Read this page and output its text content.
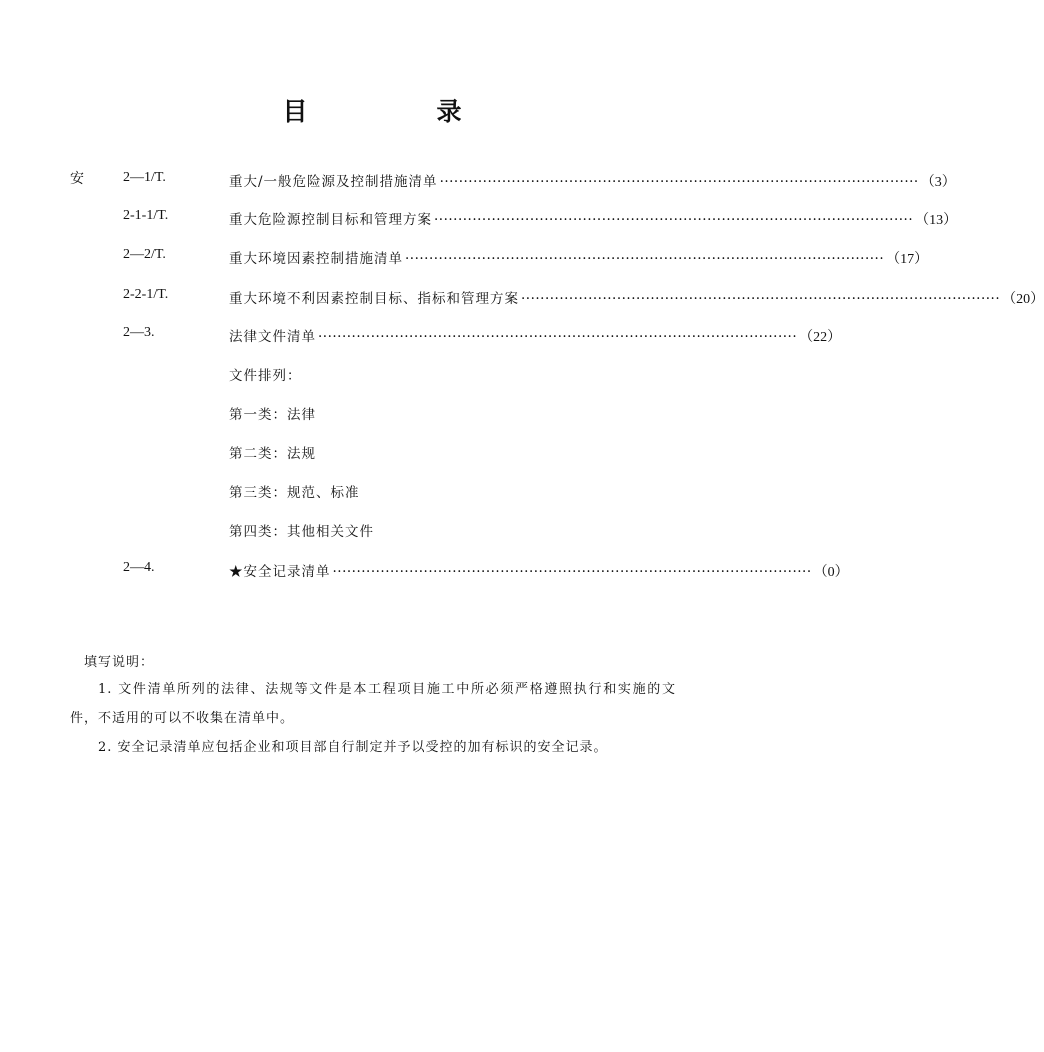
目　录
安	2—1/T.	重大/一般危险源及控制措施清单 ···································································································· （3）
2-1-1/T.	重大危险源控制目标和管理方案 ···································································································· （13）
2—2/T.	重大环境因素控制措施清单 ···································································································· （17）
2-2-1/T.	重大环境不利因素控制目标、指标和管理方案 ···································································································· （20）
2—3.	法律文件清单 ···································································································· （22）
文件排列：
第一类：法律
第二类：法规
第三类：规范、标准
第四类：其他相关文件
2—4.	★安全记录清单 ···································································································· （0）
填写说明：
1. 文件清单所列的法律、法规等文件是本工程项目施工中所必须严格遵照执行和实施的文件，不适用的可以不收集在清单中。
2. 安全记录清单应包括企业和项目部自行制定并予以受控的加有标识的安全记录。
